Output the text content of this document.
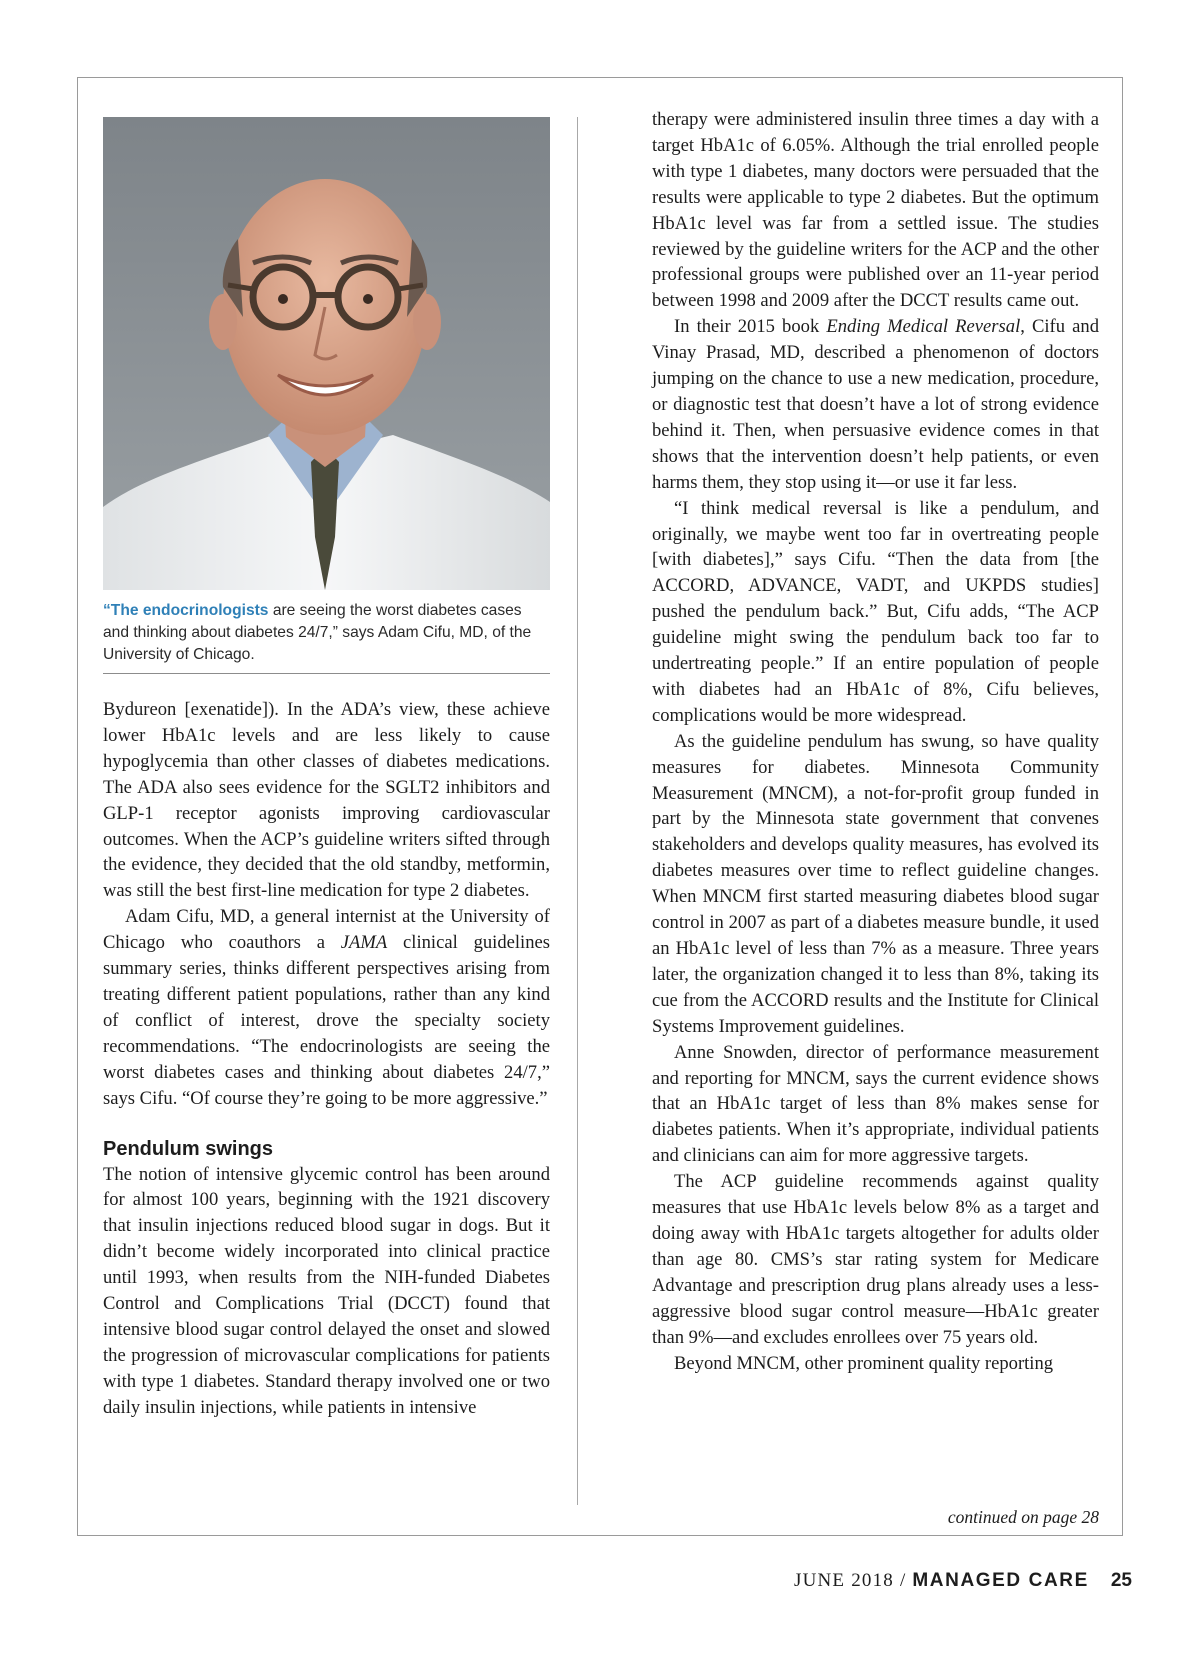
“The endocrinologists are seeing the worst diabetes cases and thinking about diabetes 24/7,” says Adam Cifu, MD, of the University of Chicago.

Bydureon [exenatide]). In the ADA’s view, these achieve lower HbA1c levels and are less likely to cause hypoglycemia than other classes of diabetes medications. The ADA also sees evidence for the SGLT2 inhibitors and GLP-1 receptor agonists improving cardiovascular outcomes. When the ACP’s guideline writers sifted through the evidence, they decided that the old standby, metformin, was still the best first-line medication for type 2 diabetes.

Adam Cifu, MD, a general internist at the University of Chicago who coauthors a JAMA clinical guidelines summary series, thinks different perspectives arising from treating different patient populations, rather than any kind of conflict of interest, drove the specialty society recommendations. “The endocrinologists are seeing the worst diabetes cases and thinking about diabetes 24/7,” says Cifu. “Of course they’re going to be more aggressive.”

Pendulum swings

The notion of intensive glycemic control has been around for almost 100 years, beginning with the 1921 discovery that insulin injections reduced blood sugar in dogs. But it didn’t become widely incorporated into clinical practice until 1993, when results from the NIH-funded Diabetes Control and Complications Trial (DCCT) found that intensive blood sugar control delayed the onset and slowed the progression of microvascular complications for patients with type 1 diabetes. Standard therapy involved one or two daily insulin injections, while patients in intensive

therapy were administered insulin three times a day with a target HbA1c of 6.05%. Although the trial enrolled people with type 1 diabetes, many doctors were persuaded that the results were applicable to type 2 diabetes. But the optimum HbA1c level was far from a settled issue. The studies reviewed by the guideline writers for the ACP and the other professional groups were published over an 11-year period between 1998 and 2009 after the DCCT results came out.

In their 2015 book Ending Medical Reversal, Cifu and Vinay Prasad, MD, described a phenomenon of doctors jumping on the chance to use a new medication, procedure, or diagnostic test that doesn’t have a lot of strong evidence behind it. Then, when persuasive evidence comes in that shows that the intervention doesn’t help patients, or even harms them, they stop using it—or use it far less.

“I think medical reversal is like a pendulum, and originally, we maybe went too far in overtreating people [with diabetes],” says Cifu. “Then the data from [the ACCORD, ADVANCE, VADT, and UKPDS studies] pushed the pendulum back.” But, Cifu adds, “The ACP guideline might swing the pendulum back too far to undertreating people.” If an entire population of people with diabetes had an HbA1c of 8%, Cifu believes, complications would be more widespread.

As the guideline pendulum has swung, so have quality measures for diabetes. Minnesota Community Measurement (MNCM), a not-for-profit group funded in part by the Minnesota state government that convenes stakeholders and develops quality measures, has evolved its diabetes measures over time to reflect guideline changes. When MNCM first started measuring diabetes blood sugar control in 2007 as part of a diabetes measure bundle, it used an HbA1c level of less than 7% as a measure. Three years later, the organization changed it to less than 8%, taking its cue from the ACCORD results and the Institute for Clinical Systems Improvement guidelines.

Anne Snowden, director of performance measurement and reporting for MNCM, says the current evidence shows that an HbA1c target of less than 8% makes sense for diabetes patients. When it’s appropriate, individual patients and clinicians can aim for more aggressive targets.

The ACP guideline recommends against quality measures that use HbA1c levels below 8% as a target and doing away with HbA1c targets altogether for adults older than age 80. CMS’s star rating system for Medicare Advantage and prescription drug plans already uses a less-aggressive blood sugar control measure—HbA1c greater than 9%—and excludes enrollees over 75 years old.

Beyond MNCM, other prominent quality reporting

continued on page 28
JUNE 2018 / MANAGED CARE 25
